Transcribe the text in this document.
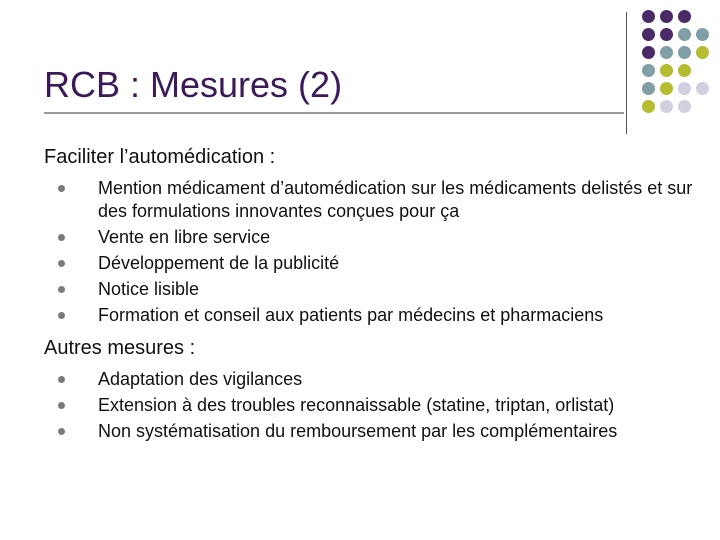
RCB : Mesures (2)

Faciliter l’automédication :

Mention médicament d’automédication sur les médicaments delistés et sur des formulations innovantes conçues pour ça
Vente en libre service
Développement de la publicité
Notice lisible
Formation et conseil aux patients par médecins et pharmaciens

Autres mesures :

Adaptation des vigilances
Extension à des troubles reconnaissable (statine, triptan, orlistat)
Non systématisation du remboursement par les complémentaires
